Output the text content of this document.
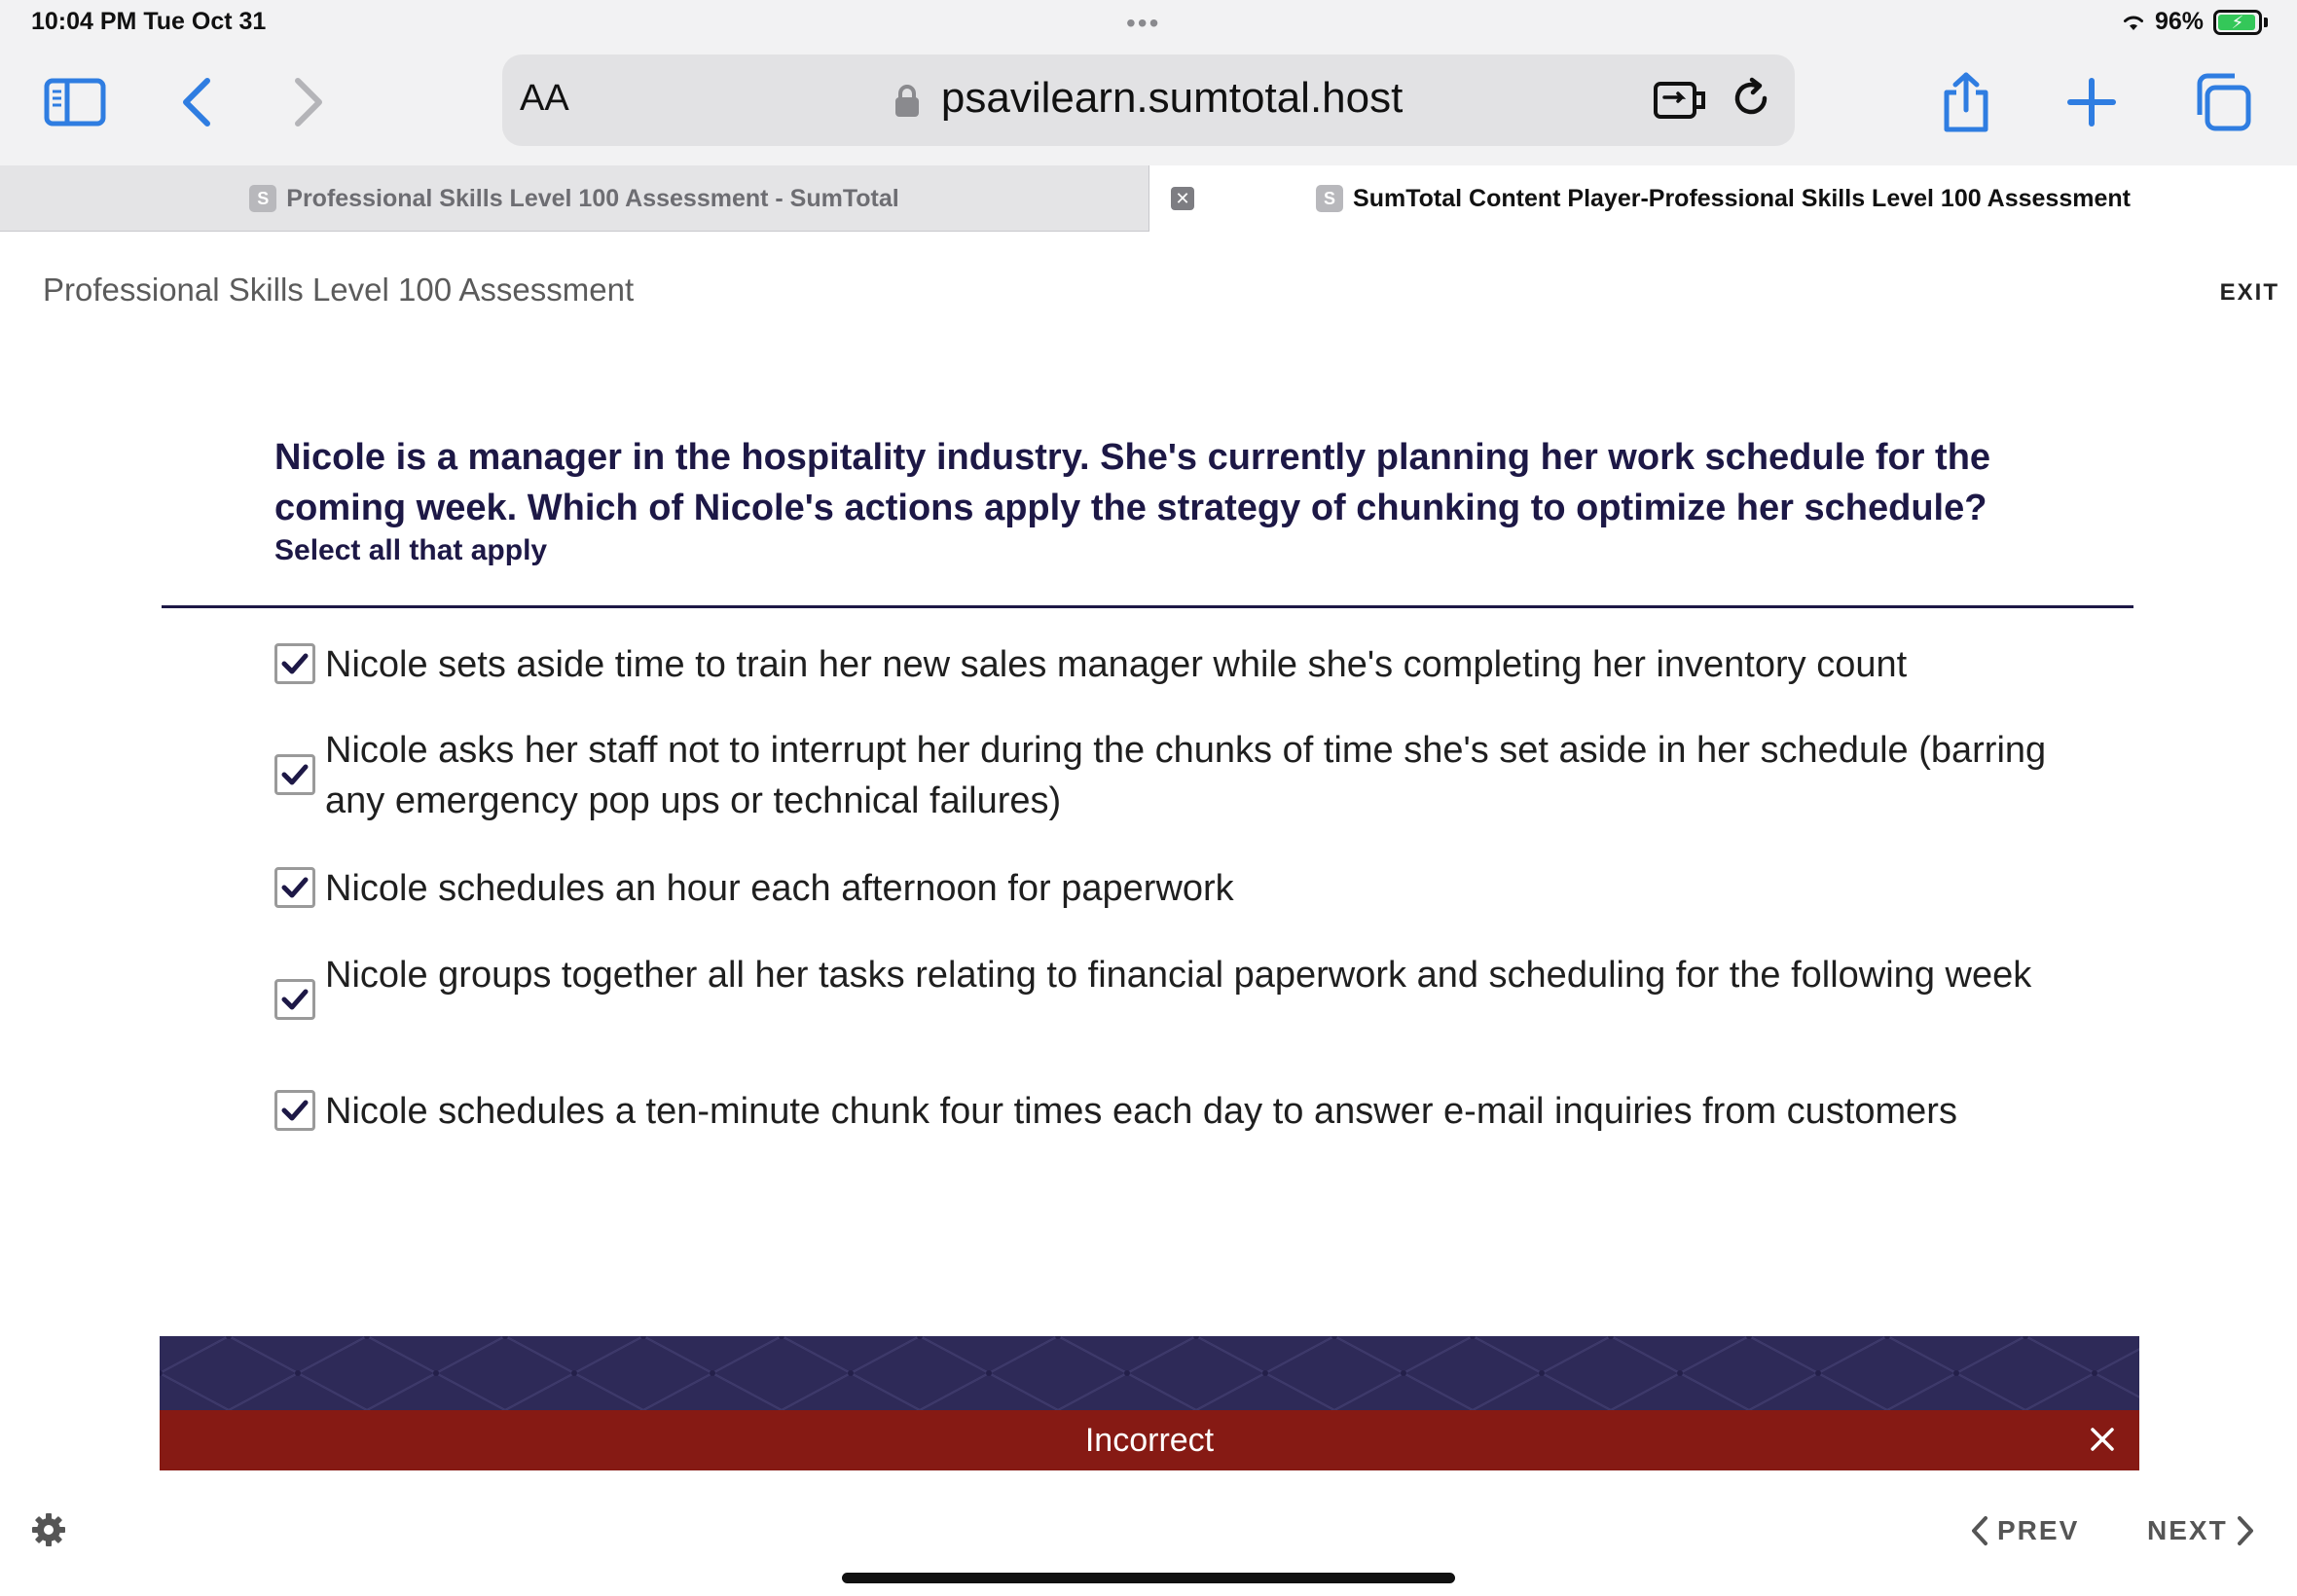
10:04 PM Tue Oct 31	•••	96% ⚡
AA	psavilearn.sumtotal.host
S Professional Skills Level 100 Assessment - SumTotal	✕	S SumTotal Content Player-Professional Skills Level 100 Assessment
Professional Skills Level 100 Assessment	EXIT
Nicole is a manager in the hospitality industry. She's currently planning her work schedule for the coming week. Which of Nicole's actions apply the strategy of chunking to optimize her schedule?
Select all that apply
Nicole sets aside time to train her new sales manager while she's completing her inventory count
Nicole asks her staff not to interrupt her during the chunks of time she's set aside in her schedule (barring any emergency pop ups or technical failures)
Nicole schedules an hour each afternoon for paperwork
Nicole groups together all her tasks relating to financial paperwork and scheduling for the following week
Nicole schedules a ten-minute chunk four times each day to answer e-mail inquiries from customers
Incorrect
PREV NEXT
